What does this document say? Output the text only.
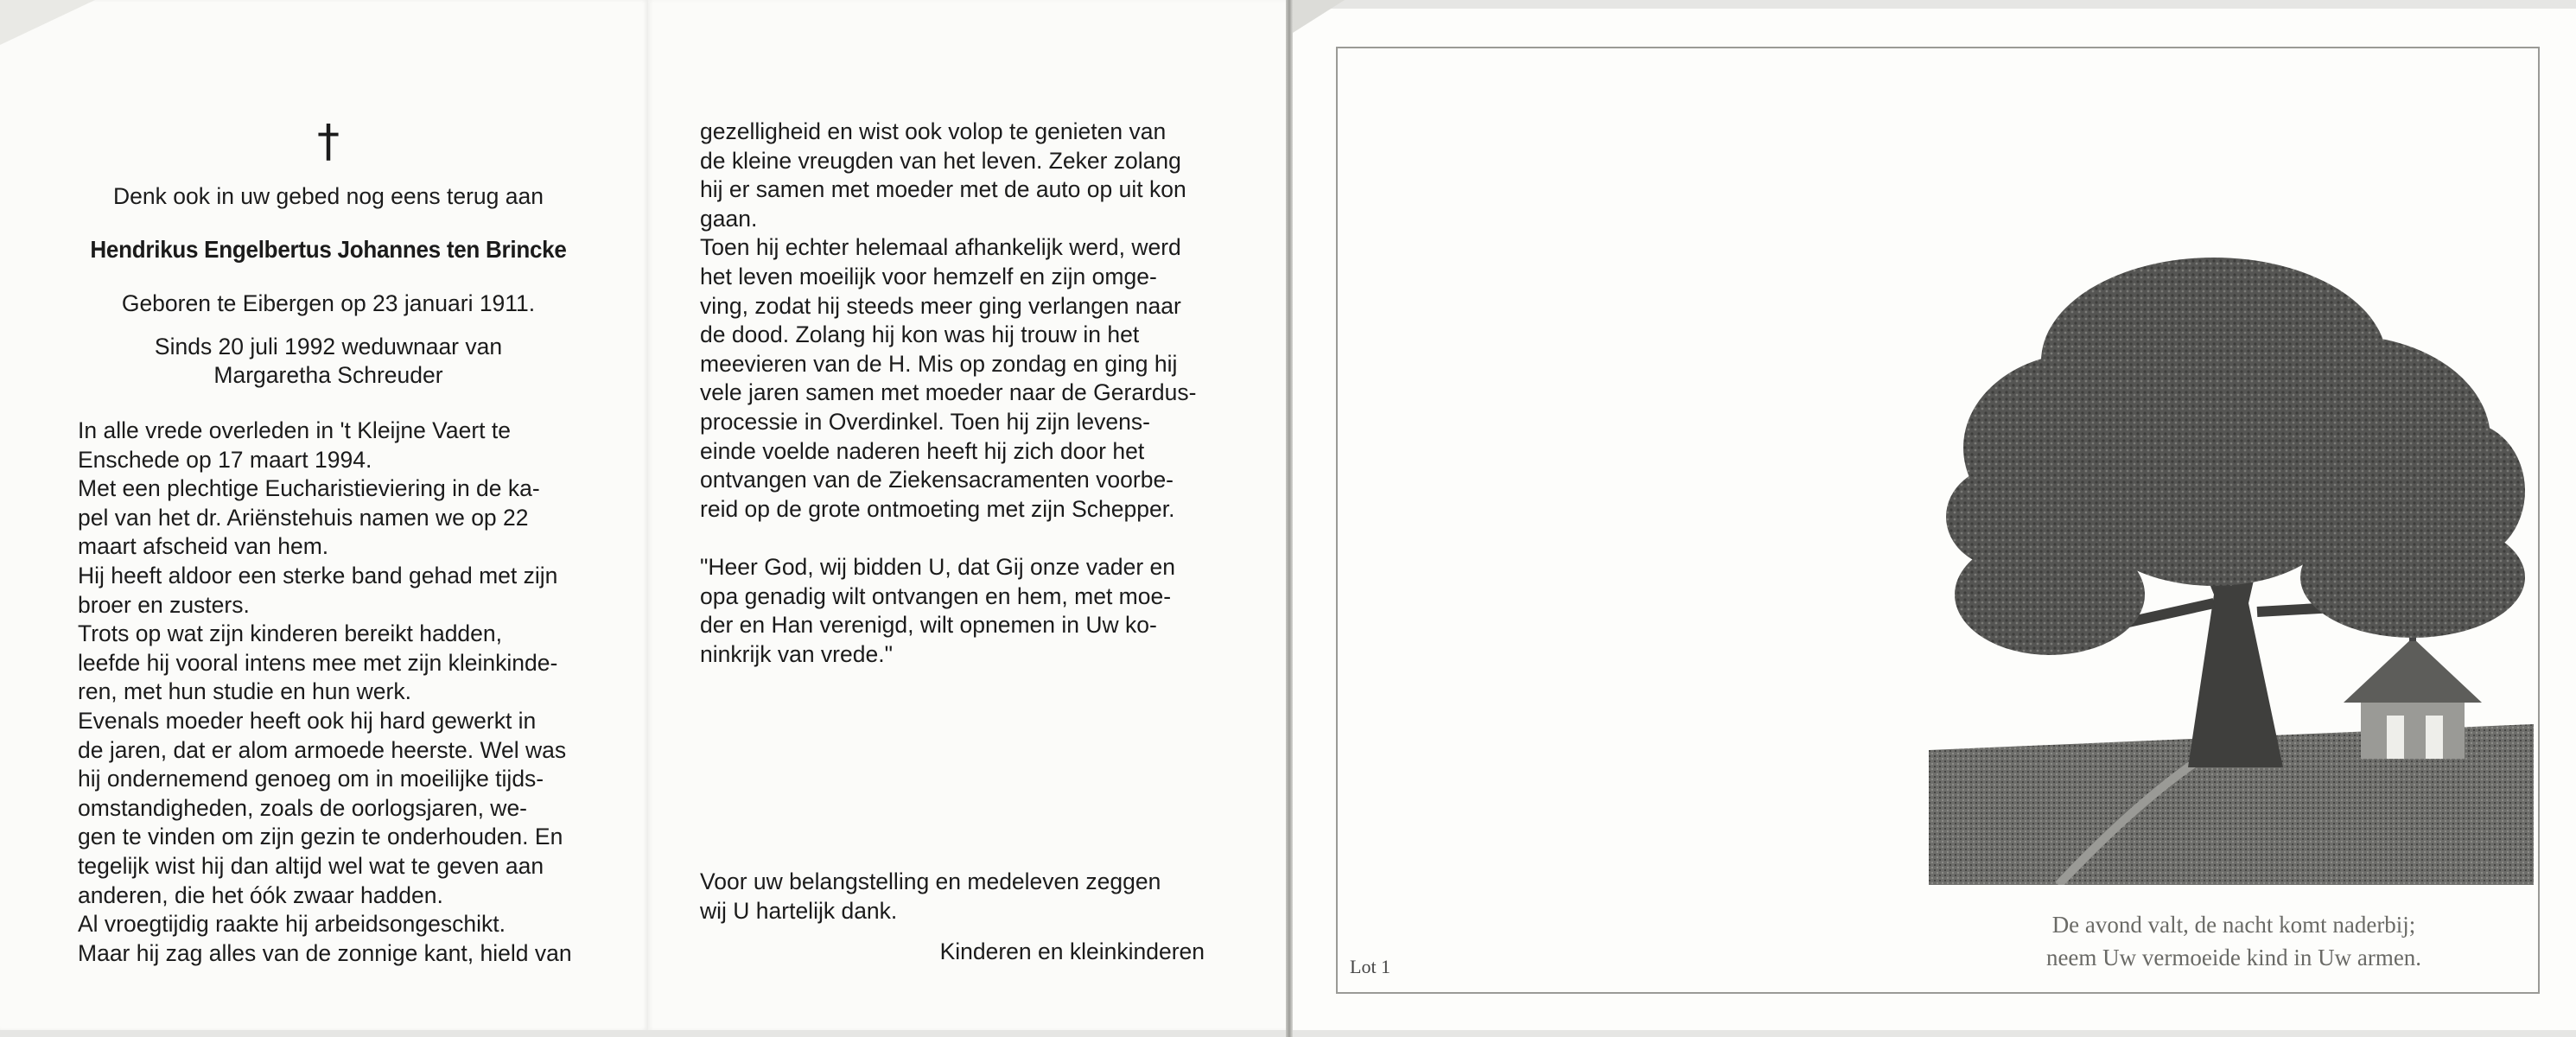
†
Denk ook in uw gebed nog eens terug aan
Hendrikus Engelbertus Johannes ten Brincke
Geboren te Eibergen op 23 januari 1911.
Sinds 20 juli 1992 weduwnaar van
Margaretha Schreuder
In alle vrede overleden in 't Kleijne Vaert te
Enschede op 17 maart 1994.
Met een plechtige Eucharistieviering in de ka-
pel van het dr. Ariënstehuis namen we op 22
maart afscheid van hem.
Hij heeft aldoor een sterke band gehad met zijn
broer en zusters.
Trots op wat zijn kinderen bereikt hadden,
leefde hij vooral intens mee met zijn kleinkinde-
ren, met hun studie en hun werk.
Evenals moeder heeft ook hij hard gewerkt in
de jaren, dat er alom armoede heerste. Wel was
hij ondernemend genoeg om in moeilijke tijds-
omstandigheden, zoals de oorlogsjaren, we-
gen te vinden om zijn gezin te onderhouden. En
tegelijk wist hij dan altijd wel wat te geven aan
anderen, die het óók zwaar hadden.
Al vroegtijdig raakte hij arbeidsongeschikt.
Maar hij zag alles van de zonnige kant, hield van
gezelligheid en wist ook volop te genieten van
de kleine vreugden van het leven. Zeker zolang
hij er samen met moeder met de auto op uit kon
gaan.
Toen hij echter helemaal afhankelijk werd, werd
het leven moeilijk voor hemzelf en zijn omge-
ving, zodat hij steeds meer ging verlangen naar
de dood. Zolang hij kon was hij trouw in het
meevieren van de H. Mis op zondag en ging hij
vele jaren samen met moeder naar de Gerardus-
processie in Overdinkel. Toen hij zijn levens-
einde voelde naderen heeft hij zich door het
ontvangen van de Ziekensacramenten voorbe-
reid op de grote ontmoeting met zijn Schepper.
"Heer God, wij bidden U, dat Gij onze vader en
opa genadig wilt ontvangen en hem, met moe-
der en Han verenigd, wilt opnemen in Uw ko-
ninkrijk van vrede."
Voor uw belangstelling en medeleven zeggen
wij U hartelijk dank.
Kinderen en kleinkinderen
De avond valt, de nacht komt naderbij;
neem Uw vermoeide kind in Uw armen.
Lot 1
